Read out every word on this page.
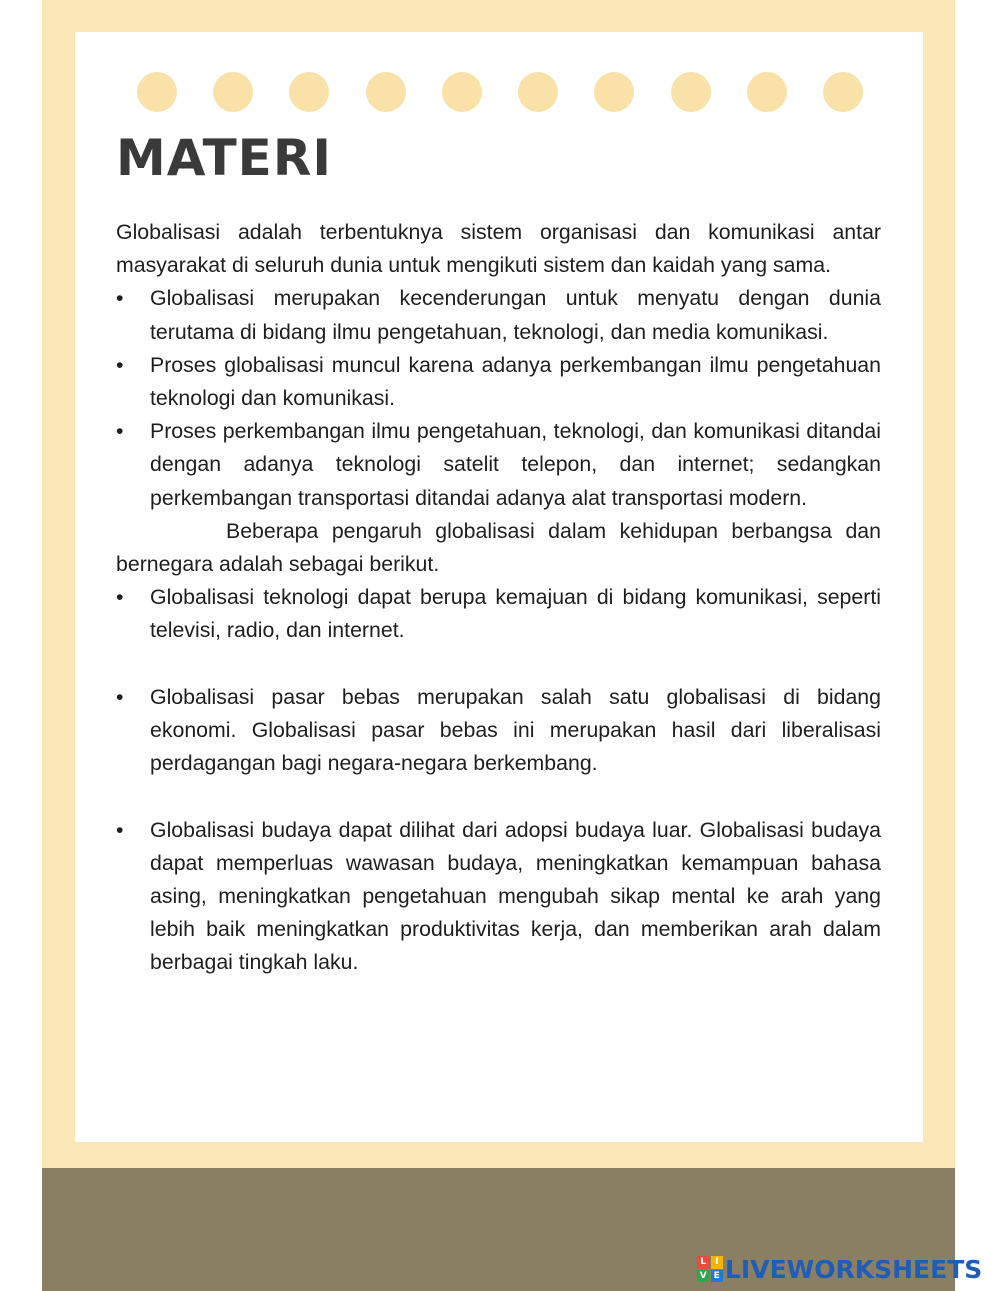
MATERI

Globalisasi adalah terbentuknya sistem organisasi dan komunikasi antar masyarakat di seluruh dunia untuk mengikuti sistem dan kaidah yang sama.

• Globalisasi merupakan kecenderungan untuk menyatu dengan dunia terutama di bidang ilmu pengetahuan, teknologi, dan media komunikasi.
• Proses globalisasi muncul karena adanya perkembangan ilmu pengetahuan teknologi dan komunikasi.
• Proses perkembangan ilmu pengetahuan, teknologi, dan komunikasi ditandai dengan adanya teknologi satelit telepon, dan internet; sedangkan perkembangan transportasi ditandai adanya alat transportasi modern.

Beberapa pengaruh globalisasi dalam kehidupan berbangsa dan bernegara adalah sebagai berikut.

• Globalisasi teknologi dapat berupa kemajuan di bidang komunikasi, seperti televisi, radio, dan internet.
• Globalisasi pasar bebas merupakan salah satu globalisasi di bidang ekonomi. Globalisasi pasar bebas ini merupakan hasil dari liberalisasi perdagangan bagi negara-negara berkembang.
• Globalisasi budaya dapat dilihat dari adopsi budaya luar. Globalisasi budaya dapat memperluas wawasan budaya, meningkatkan kemampuan bahasa asing, meningkatkan pengetahuan mengubah sikap mental ke arah yang lebih baik meningkatkan produktivitas kerja, dan memberikan arah dalam berbagai tingkah laku.
L I
V E LIVEWORKSHEETS
